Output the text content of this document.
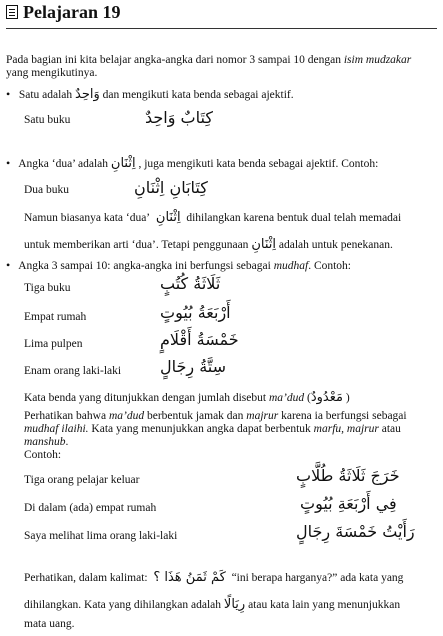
Pelajaran 19
Pada bagian ini kita belajar angka-angka dari nomor 3 sampai 10 dengan isim mudzakar
yang mengikutinya.
• Satu adalah وَاحِدٌ dan mengikuti kata benda sebagai ajektif.
Satu buku	كِتَابٌ وَاحِدٌ
• Angka ‘dua’ adalah اِثْنَانِ , juga mengikuti kata benda sebagai ajektif. Contoh:
Dua buku	كِتَابَانِ اِثْنَانِ
Namun biasanya kata ‘dua’ اِثْنَانِ dihilangkan karena bentuk dual telah memadai
untuk memberikan arti ‘dua’. Tetapi penggunaan اِثْنَانِ adalah untuk penekanan.
• Angka 3 sampai 10: angka-angka ini berfungsi sebagai mudhaf. Contoh:
Tiga buku	ثَلَاثَةُ كُتُبٍ
Empat rumah	أَرْبَعَةُ بُيُوتٍ
Lima pulpen	خَمْسَةُ أَقْلَامٍ
Enam orang laki-laki سِتَّةُ رِجَالٍ
Kata benda yang ditunjukkan dengan jumlah disebut ma’dud (مَعْدُودٌ )
Perhatikan bahwa ma’dud berbentuk jamak dan majrur karena ia berfungsi sebagai mudhaf ilaihi. Kata yang menunjukkan angka dapat berbentuk marfu, majrur atau manshub.
Contoh:
Tiga orang pelajar keluar	خَرَجَ ثَلَاثَةُ طُلَّابٍ
Di dalam (ada) empat rumah	فِي أَرْبَعَةِ بُيُوتٍ
Saya melihat lima orang laki-laki	رَأَيْتُ خَمْسَةَ رِجَالٍ
Perhatikan, dalam kalimat: كَمْ ثَمَنُ هَذَا ؟ “ini berapa harganya?” ada kata yang
dihilangkan. Kata yang dihilangkan adalah رِيَالًا atau kata lain yang menunjukkan
mata uang.
